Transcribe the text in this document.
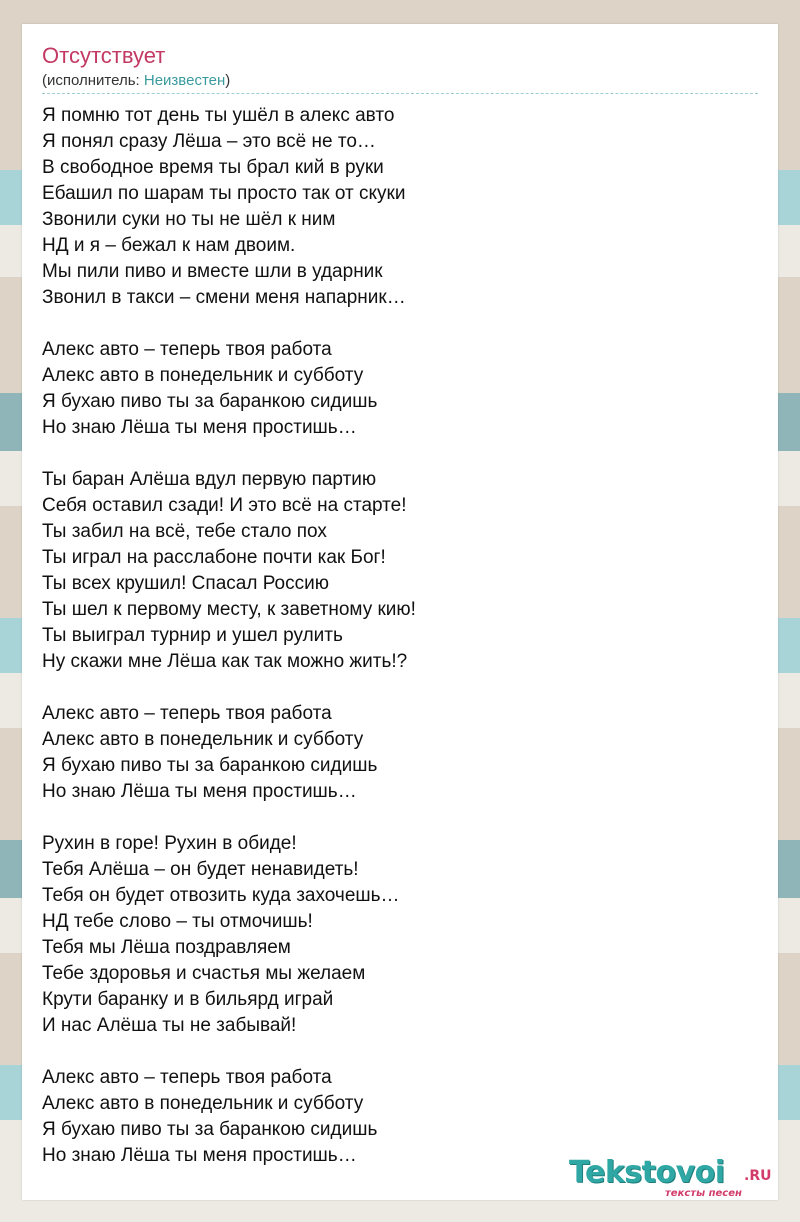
Отсутствует
(исполнитель: Неизвестен)
Я помню тот день ты ушёл в алекс авто
Я понял сразу Лёша – это всё не то…
В свободное время ты брал кий в руки
Ебашил по шарам ты просто так от скуки
Звонили суки но ты не шёл к ним
НД и я – бежал к нам двоим.
Мы пили пиво и вместе шли в ударник
Звонил в такси – смени меня напарник…
Алекс авто – теперь твоя работа
Алекс авто в понедельник и субботу
Я бухаю пиво ты за баранкою сидишь
Но знаю Лёша ты меня простишь…
Ты баран Алёша вдул первую партию
Себя оставил сзади! И это всё на старте!
Ты забил на всё, тебе стало пох
Ты играл на расслабоне почти как Бог!
Ты всех крушил! Спасал Россию
Ты шел к первому месту, к заветному кию!
Ты выиграл турнир и ушел рулить
Ну скажи мне Лёша как так можно жить!?
Алекс авто – теперь твоя работа
Алекс авто в понедельник и субботу
Я бухаю пиво ты за баранкою сидишь
Но знаю Лёша ты меня простишь…
Рухин в горе! Рухин в обиде!
Тебя Алёша – он будет ненавидеть!
Тебя он будет отвозить куда захочешь…
НД тебе слово – ты отмочишь!
Тебя мы Лёша поздравляем
Тебе здоровья и счастья мы желаем
Крути баранку и в бильярд играй
И нас Алёша ты не забывай!
Алекс авто – теперь твоя работа
Алекс авто в понедельник и субботу
Я бухаю пиво ты за баранкою сидишь
Но знаю Лёша ты меня простишь…	Tekstovoi .RU
тексты песен
